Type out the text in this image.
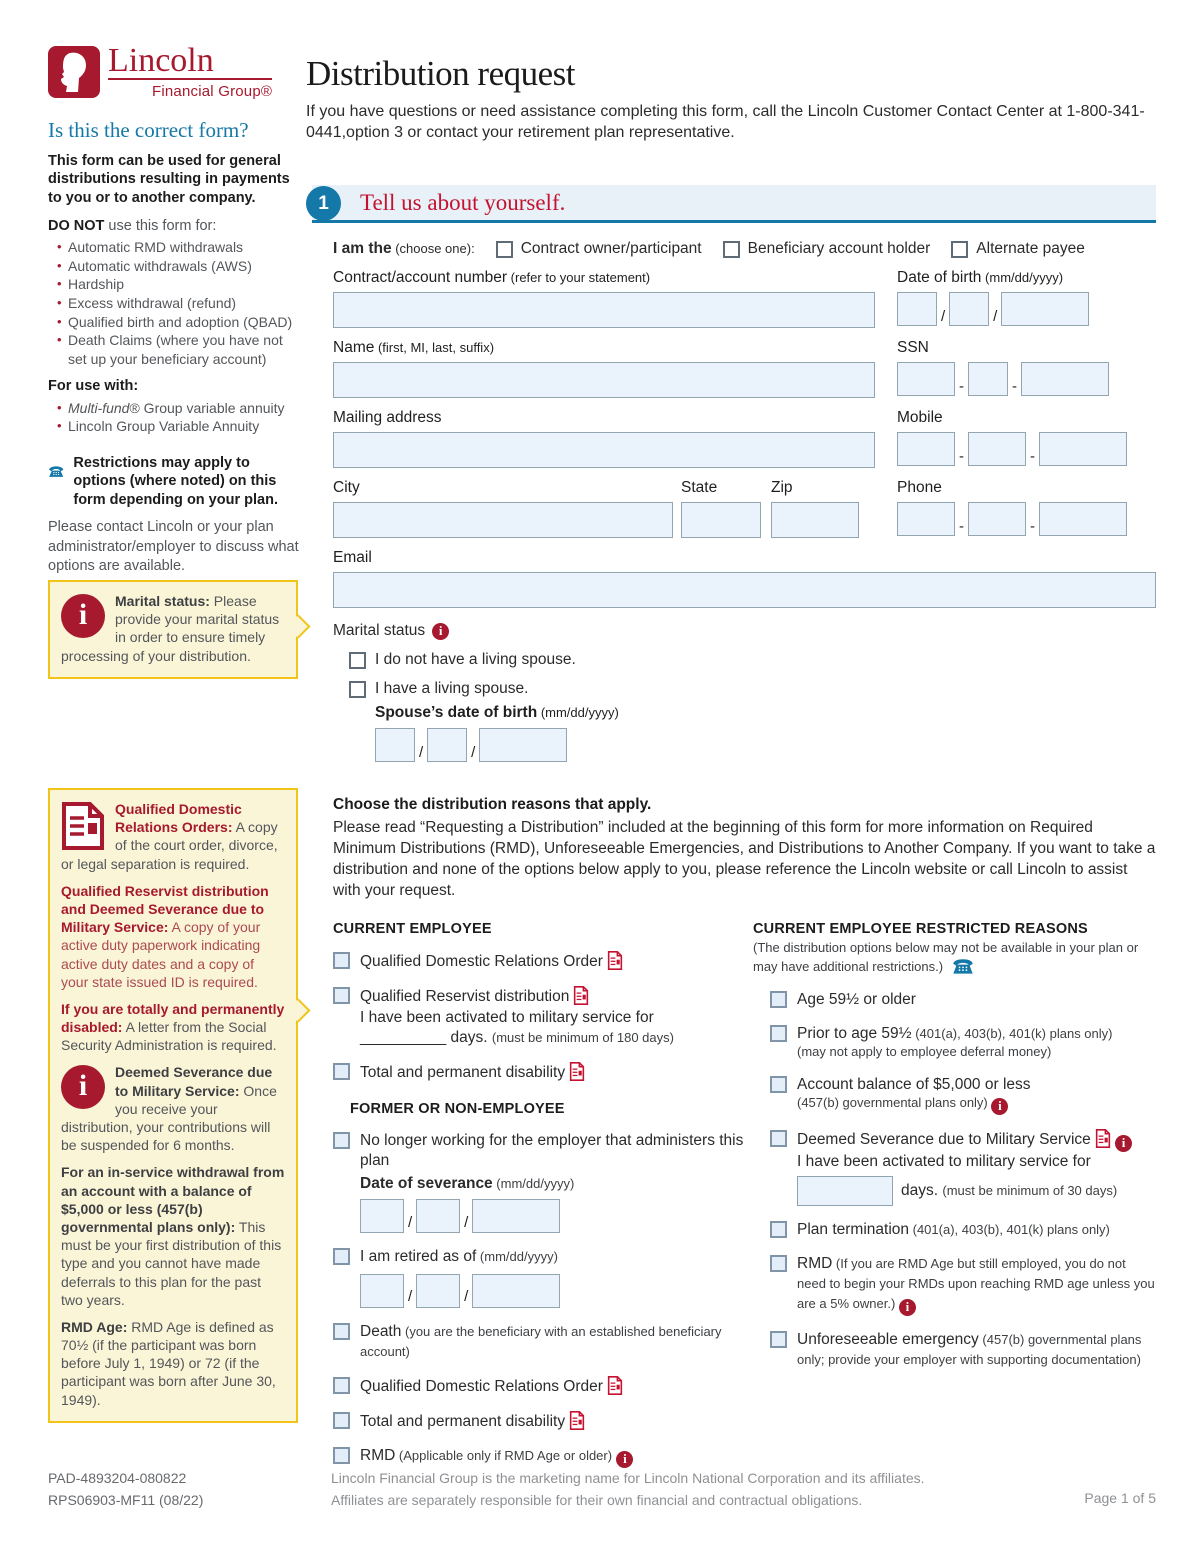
Lincoln
Financial Group®
Is this the correct form?
This form can be used for general distributions resulting in payments to you or to another company.
DO NOT use this form for:
• Automatic RMD withdrawals
• Automatic withdrawals (AWS)
• Hardship
• Excess withdrawal (refund)
• Qualified birth and adoption (QBAD)
• Death Claims (where you have not set up your beneficiary account)
For use with:
• Multi-fund® Group variable annuity
• Lincoln Group Variable Annuity
Restrictions may apply to options (where noted) on this form depending on your plan.
Please contact Lincoln or your plan administrator/employer to discuss what options are available.
i	Marital status: Please provide your marital status in order to ensure timely processing of your distribution.

Qualified Domestic Relations Orders: A copy of the court order, divorce, or legal separation is required.

Qualified Reservist distribution and Deemed Severance due to Military Service: A copy of your active duty paperwork indicating active duty dates and a copy of your state issued ID is required.

If you are totally and permanently disabled: A letter from the Social Security Administration is required.

i	Deemed Severance due to Military Service: Once you receive your distribution, your contributions will be suspended for 6 months.

For an in-service withdrawal from an account with a balance of $5,000 or less (457(b) governmental plans only): This must be your first distribution of this type and you cannot have made deferrals to this plan for the past two years.

RMD Age: RMD Age is defined as 70½ (if the participant was born before July 1, 1949) or 72 (if the participant was born after June 30, 1949).

Distribution request
If you have questions or need assistance completing this form, call the Lincoln Customer Contact Center at 1-800-341-0441,option 3 or contact your retirement plan representative.
1	Tell us about yourself.
I am the (choose one):	Contract owner/participant	Beneficiary account holder	Alternate payee
Contract/account number (refer to your statement)	Date of birth (mm/dd/yyyy)
/	/
Name (first, MI, last, suffix)	SSN
-	-
Mailing address	Mobile
-	-
City	State	Zip	Phone
-	-
Email
Marital status	i
I do not have a living spouse.
I have a living spouse.
Spouse’s date of birth (mm/dd/yyyy)
/	/
Choose the distribution reasons that apply.
Please read “Requesting a Distribution” included at the beginning of this form for more information on Required Minimum Distributions (RMD), Unforeseeable Emergencies, and Distributions to Another Company. If you want to take a distribution and none of the options below apply to you, please reference the Lincoln website or call Lincoln to assist with your request.
CURRENT EMPLOYEE
Qualified Domestic Relations Order
Qualified Reservist distribution
I have been activated to military service for
__________ days. (must be minimum of 180 days)
Total and permanent disability
FORMER OR NON-EMPLOYEE
No longer working for the employer that administers this plan
Date of severance (mm/dd/yyyy)
/	/
I am retired as of (mm/dd/yyyy)
/	/
Death (you are the beneficiary with an established beneficiary account)
Qualified Domestic Relations Order
Total and permanent disability
RMD (Applicable only if RMD Age or older) i
CURRENT EMPLOYEE RESTRICTED REASONS
(The distribution options below may not be available in your plan or may have additional restrictions.)
Age 59½ or older
Prior to age 59½ (401(a), 403(b), 401(k) plans only)
(may not apply to employee deferral money)
Account balance of $5,000 or less
(457(b) governmental plans only) i
Deemed Severance due to Military Service i
I have been activated to military service for
days. (must be minimum of 30 days)
Plan termination (401(a), 403(b), 401(k) plans only)
RMD (If you are RMD Age but still employed, you do not need to begin your RMDs upon reaching RMD age unless you are a 5% owner.) i
Unforeseeable emergency (457(b) governmental plans only; provide your employer with supporting documentation)
PAD-4893204-080822
RPS06903-MF11 (08/22)
Lincoln Financial Group is the marketing name for Lincoln National Corporation and its affiliates.
Affiliates are separately responsible for their own financial and contractual obligations.	Page 1 of 5
